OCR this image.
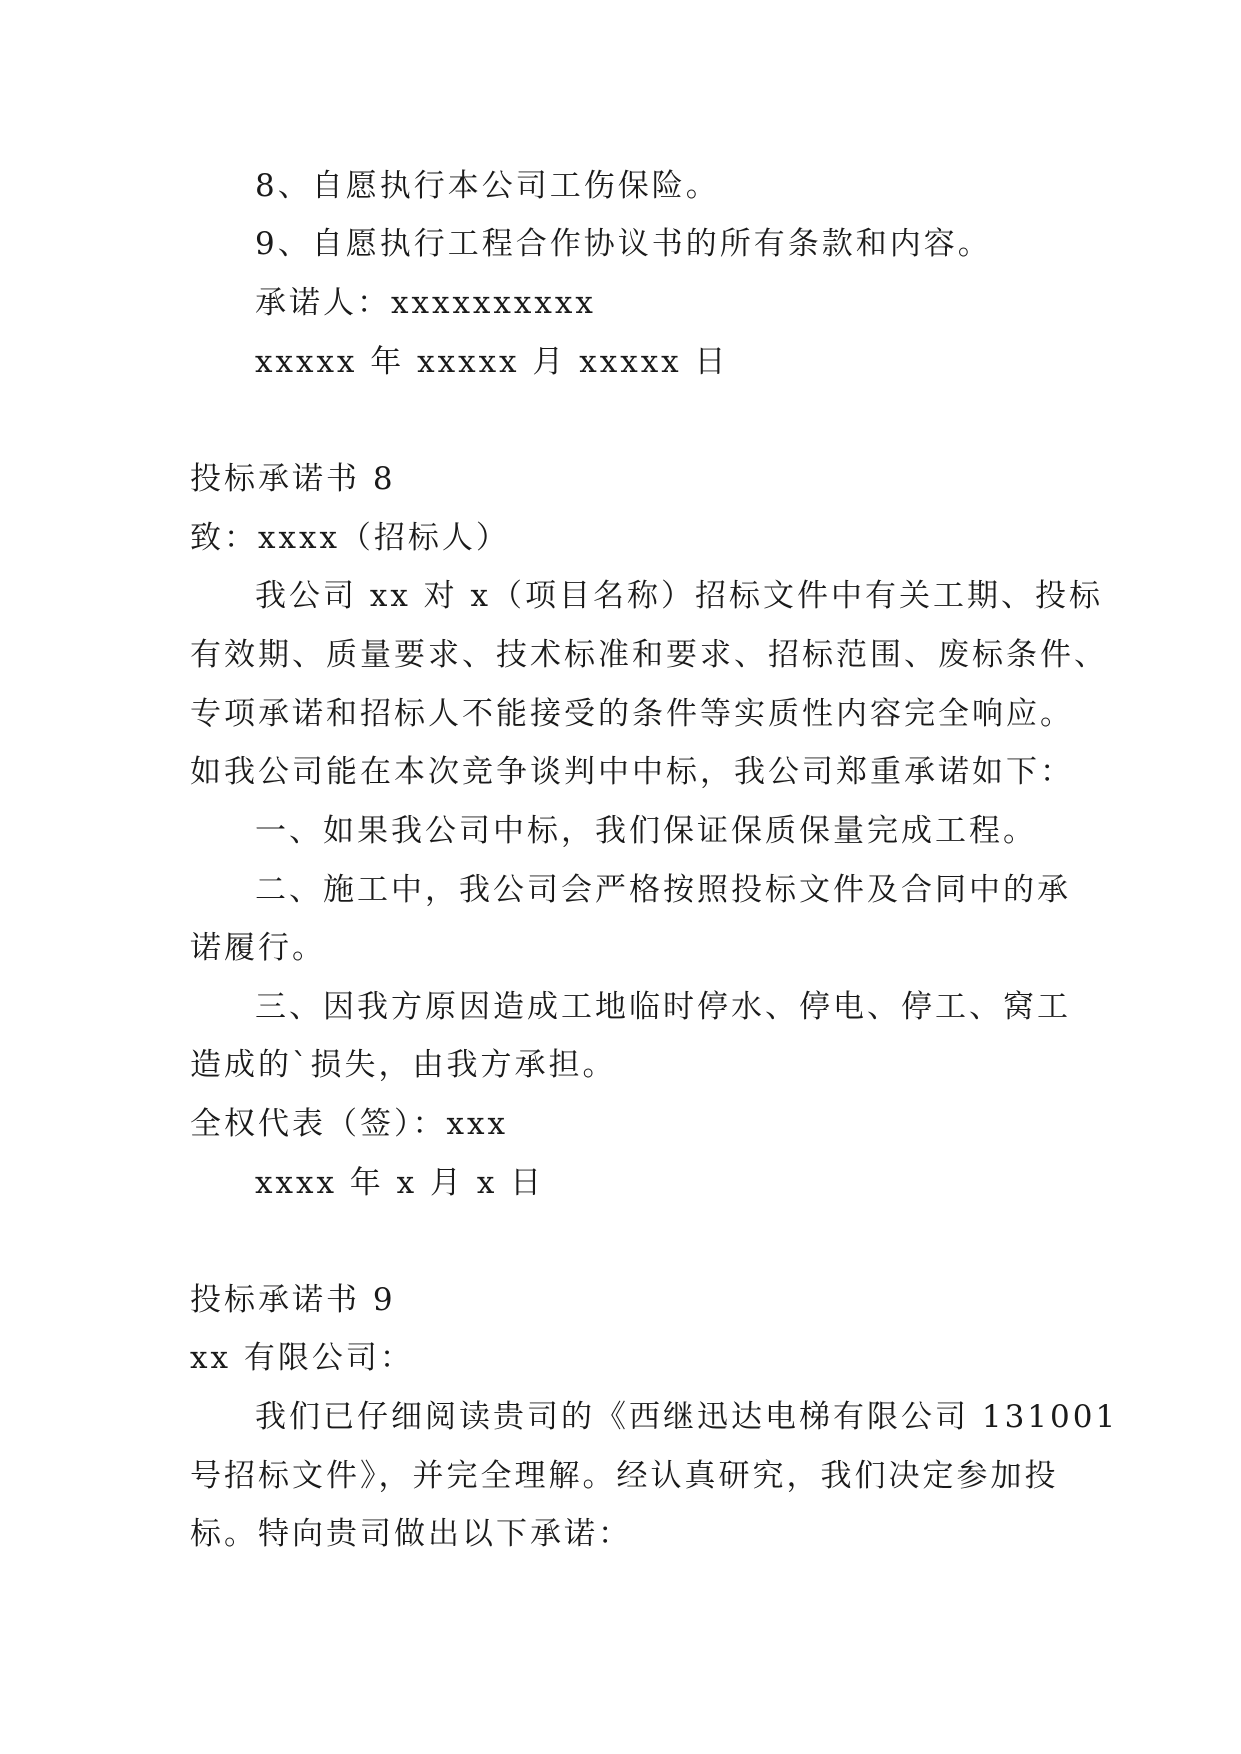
8、自愿执行本公司工伤保险。
9、自愿执行工程合作协议书的所有条款和内容。
承诺人：xxxxxxxxxx
xxxxx 年 xxxxx 月 xxxxx 日
投标承诺书 8
致：xxxx（招标人）
我公司 xx 对 x（项目名称）招标文件中有关工期、投标
有效期、质量要求、技术标准和要求、招标范围、废标条件、
专项承诺和招标人不能接受的条件等实质性内容完全响应。
如我公司能在本次竞争谈判中中标，我公司郑重承诺如下：
一、如果我公司中标，我们保证保质保量完成工程。
二、施工中，我公司会严格按照投标文件及合同中的承
诺履行。
三、因我方原因造成工地临时停水、停电、停工、窝工
造成的`损失，由我方承担。
全权代表（签）：xxx
xxxx 年 x 月 x 日
投标承诺书 9
xx 有限公司：
我们已仔细阅读贵司的《西继迅达电梯有限公司 131001
号招标文件》，并完全理解。经认真研究，我们决定参加投
标。特向贵司做出以下承诺：
